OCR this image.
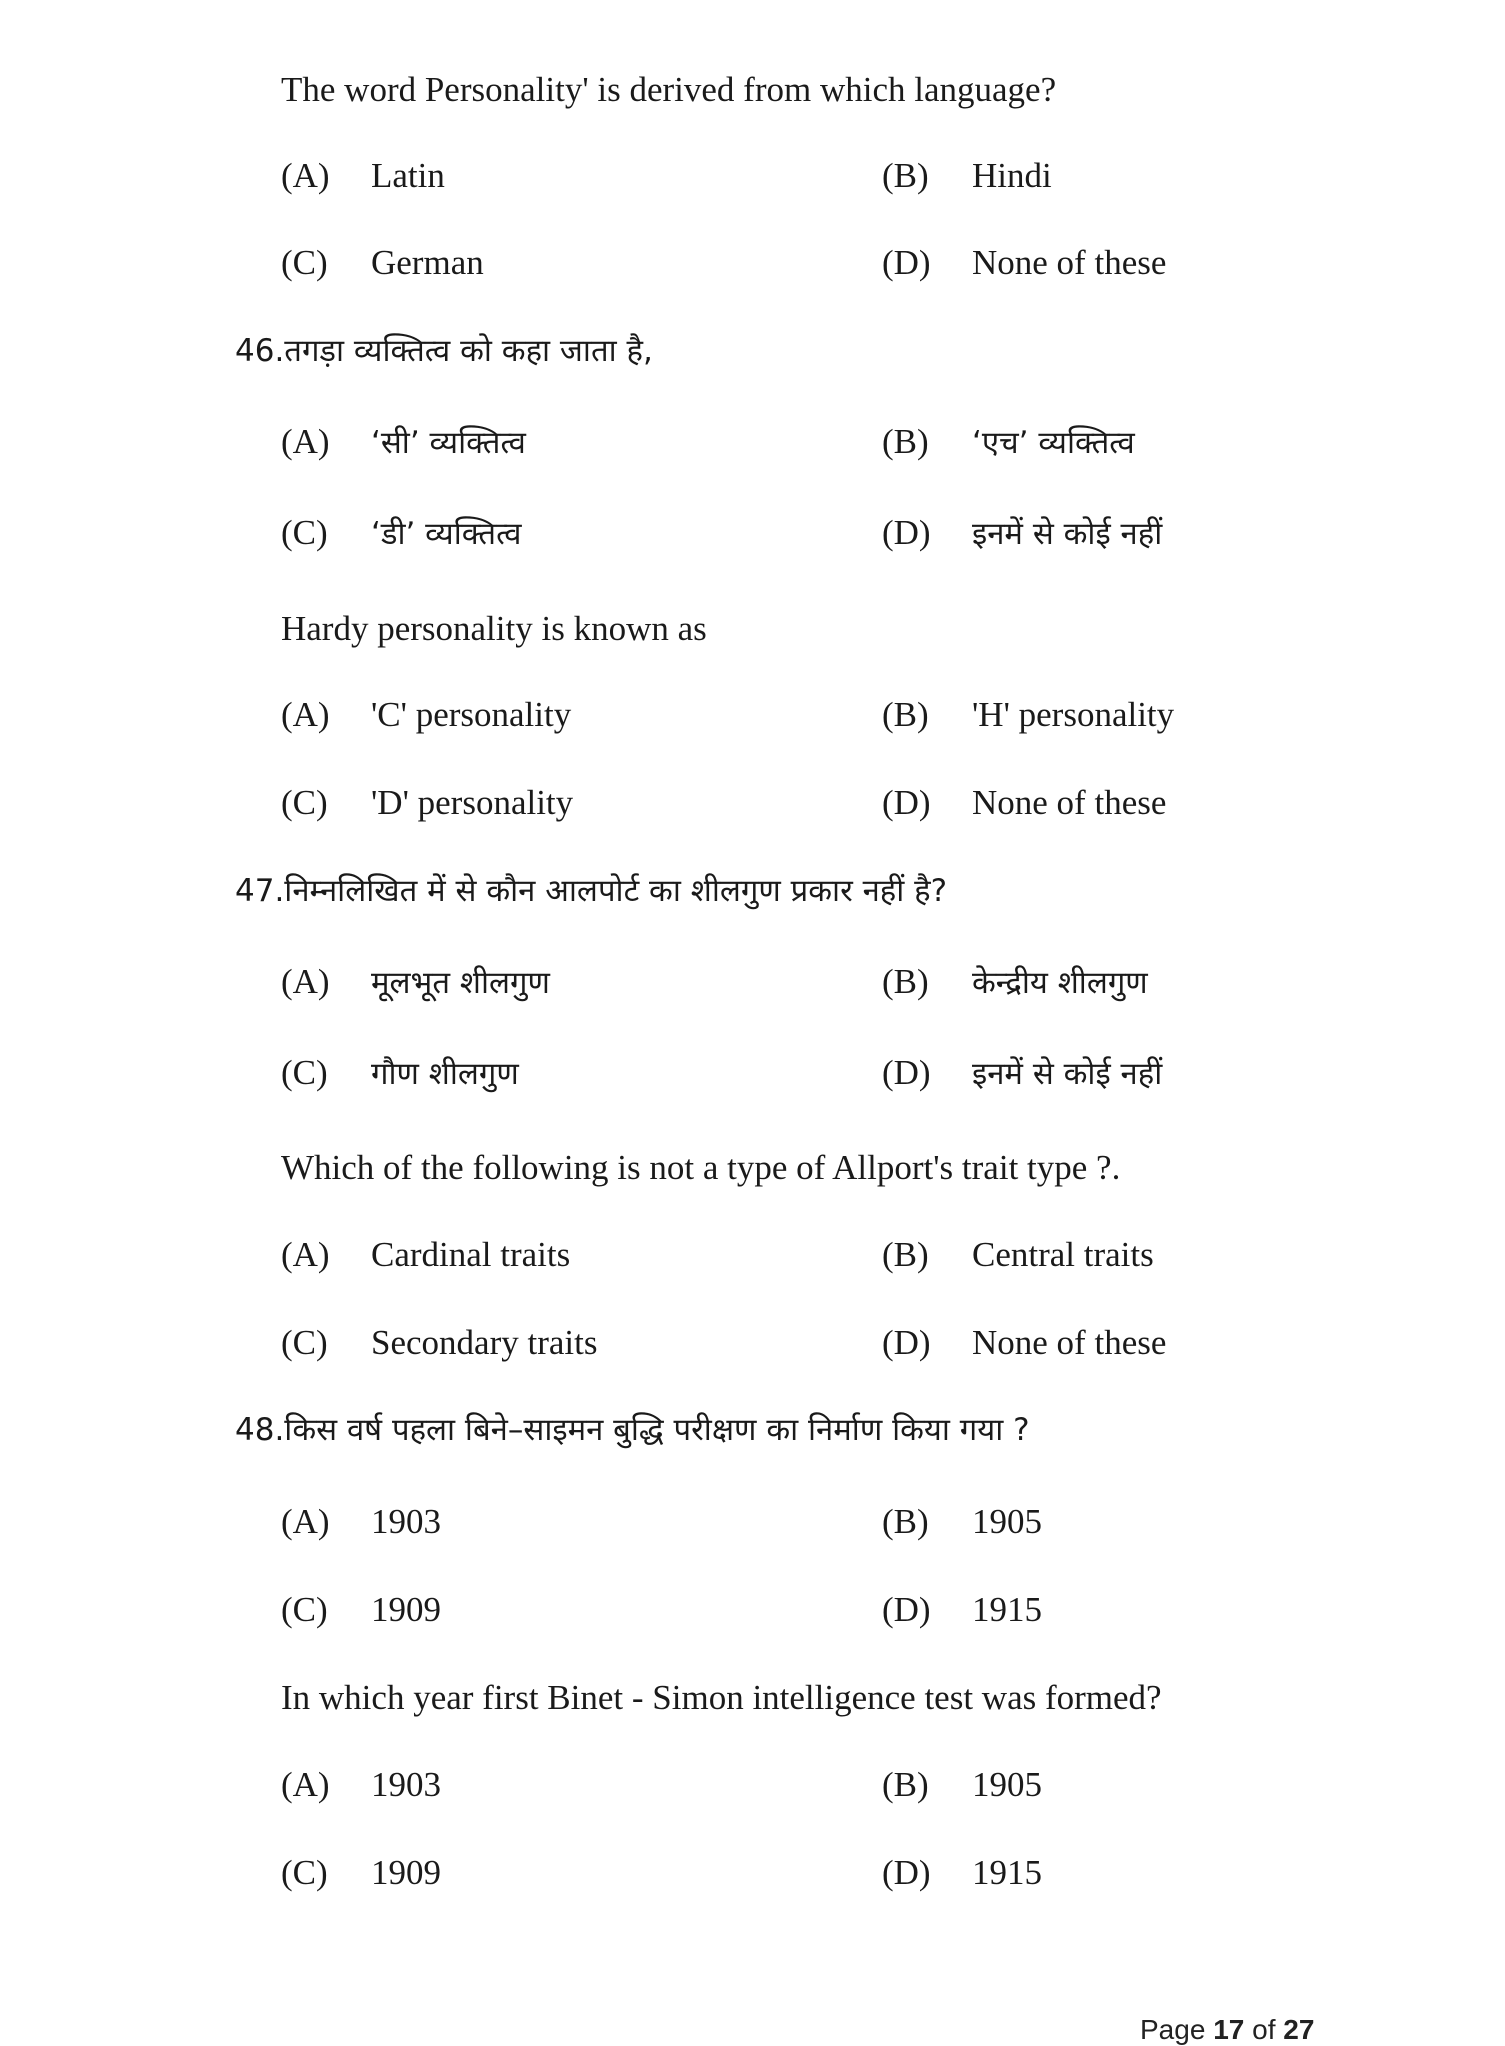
The word Personality' is derived from which language?
(A) Latin	(B) Hindi
(C) German	(D) None of these
46.तगड़ा व्यक्तित्व को कहा जाता है,
(A) ‘सी’ व्यक्तित्व	(B) ‘एच’ व्यक्तित्व
(C) ‘डी’ व्यक्तित्व	(D) इनमें से कोई नहीं
Hardy personality is known as
(A) 'C' personality	(B) 'H' personality
(C) 'D' personality	(D) None of these
47.निम्नलिखित में से कौन आलपोर्ट का शीलगुण प्रकार नहीं है?
(A) मूलभूत शीलगुण	(B) केन्द्रीय शीलगुण
(C) गौण शीलगुण	(D) इनमें से कोई नहीं
Which of the following is not a type of Allport's trait type ?.
(A) Cardinal traits	(B) Central traits
(C) Secondary traits	(D) None of these
48.किस वर्ष पहला बिने–साइमन बुद्धि परीक्षण का निर्माण किया गया ?
(A) 1903	(B) 1905
(C) 1909	(D) 1915
In which year first Binet - Simon intelligence test was formed?
(A) 1903	(B) 1905
(C) 1909	(D) 1915
Page 17 of 27
